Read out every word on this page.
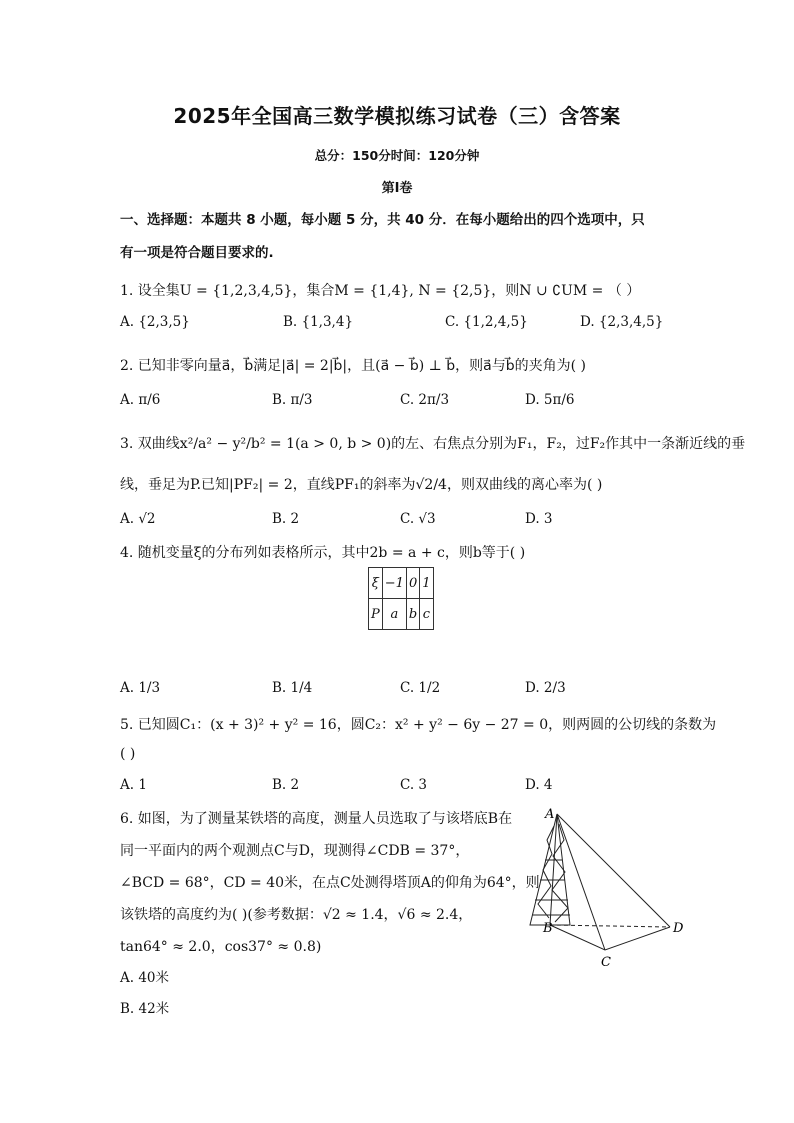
2025年全国高三数学模拟练习试卷（三）含答案
总分：150分时间：120分钟
第Ⅰ卷
一、选择题：本题共 8 小题，每小题 5 分，共 40 分．在每小题给出的四个选项中，只
有一项是符合题目要求的.
1. 设全集U = {1,2,3,4,5}，集合M = {1,4}, N = {2,5}，则N ∪ ∁UM = （ ）
A. {2,3,5}	B. {1,3,4}	C. {1,2,4,5}	D. {2,3,4,5}
2. 已知非零向量a⃗，b⃗满足|a⃗| = 2|b⃗|，且(a⃗ − b⃗) ⊥ b⃗，则a⃗与b⃗的夹角为( )
A. π/6	B. π/3	C. 2π/3	D. 5π/6
3. 双曲线x²/a² − y²/b² = 1(a > 0, b > 0)的左、右焦点分别为F₁，F₂，过F₂作其中一条渐近线的垂
线，垂足为P.已知|PF₂| = 2，直线PF₁的斜率为√2/4，则双曲线的离心率为( )
A. √2	B. 2	C. √3	D. 3
4. 随机变量ξ的分布列如表格所示，其中2b = a + c，则b等于( )
ξ	−1	0	1
P	a	b	c
A. 1/3	B. 1/4	C. 1/2	D. 2/3
5. 已知圆C₁：(x + 3)² + y² = 16，圆C₂：x² + y² − 6y − 27 = 0，则两圆的公切线的条数为
( )
A. 1	B. 2	C. 3	D. 4
6. 如图，为了测量某铁塔的高度，测量人员选取了与该塔底B在
同一平面内的两个观测点C与D，现测得∠CDB = 37°，
∠BCD = 68°，CD = 40米，在点C处测得塔顶A的仰角为64°，则
该铁塔的高度约为( )(参考数据：√2 ≈ 1.4，√6 ≈ 2.4，
tan64° ≈ 2.0，cos37° ≈ 0.8)
A. 40米
B. 42米
A
B
C
D
